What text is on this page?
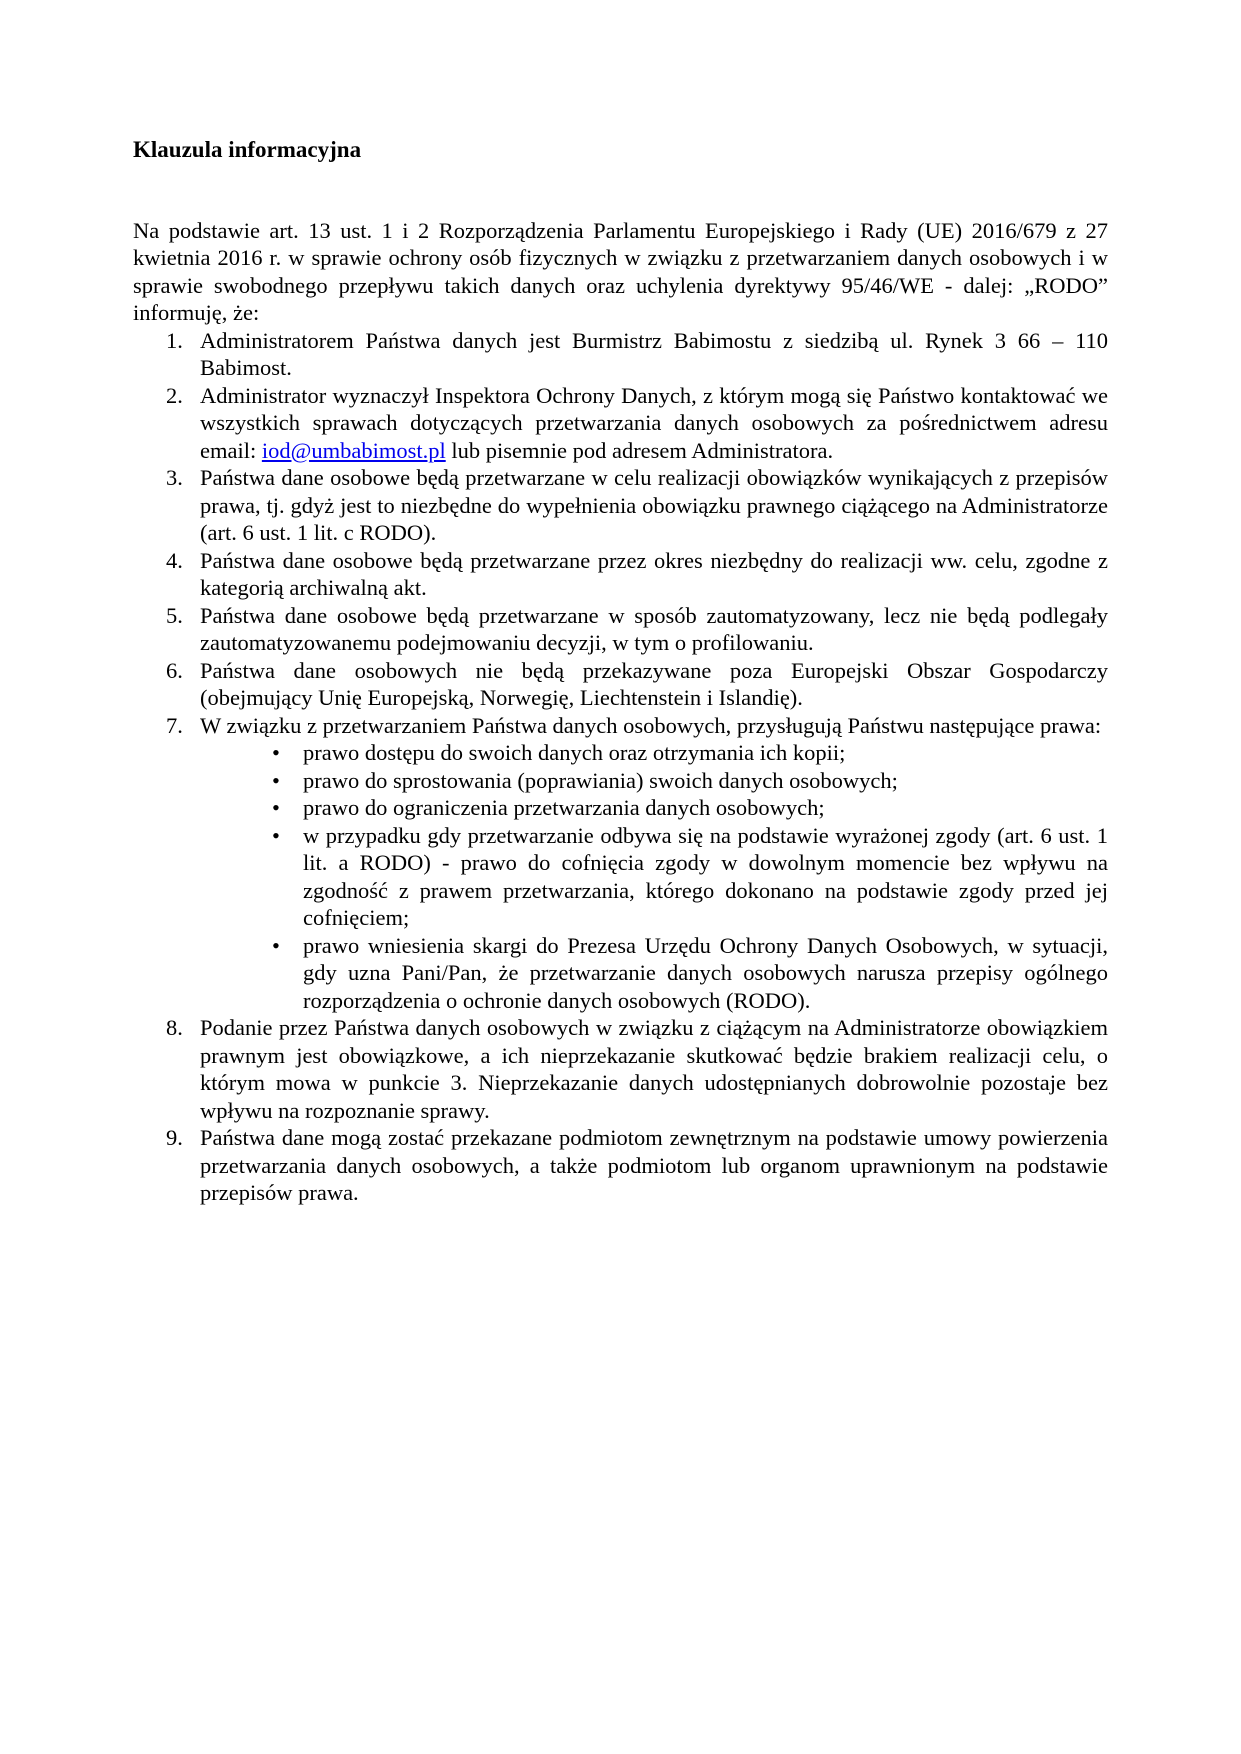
Klauzula informacyjna

Na podstawie art. 13 ust. 1 i 2 Rozporządzenia Parlamentu Europejskiego i Rady (UE) 2016/679 z 27 kwietnia 2016 r. w sprawie ochrony osób fizycznych w związku z przetwarzaniem danych osobowych i w sprawie swobodnego przepływu takich danych oraz uchylenia dyrektywy 95/46/WE - dalej: „RODO” informuję, że:

1. Administratorem Państwa danych jest Burmistrz Babimostu z siedzibą ul. Rynek 3 66 – 110 Babimost.
2. Administrator wyznaczył Inspektora Ochrony Danych, z którym mogą się Państwo kontaktować we wszystkich sprawach dotyczących przetwarzania danych osobowych za pośrednictwem adresu email: iod@umbabimost.pl lub pisemnie pod adresem Administratora.
3. Państwa dane osobowe będą przetwarzane w celu realizacji obowiązków wynikających z przepisów prawa, tj. gdyż jest to niezbędne do wypełnienia obowiązku prawnego ciążącego na Administratorze (art. 6 ust. 1 lit. c RODO).
4. Państwa dane osobowe będą przetwarzane przez okres niezbędny do realizacji ww. celu, zgodne z kategorią archiwalną akt.
5. Państwa dane osobowe będą przetwarzane w sposób zautomatyzowany, lecz nie będą podlegały zautomatyzowanemu podejmowaniu decyzji, w tym o profilowaniu.
6. Państwa dane osobowych nie będą przekazywane poza Europejski Obszar Gospodarczy (obejmujący Unię Europejską, Norwegię, Liechtenstein i Islandię).
7. W związku z przetwarzaniem Państwa danych osobowych, przysługują Państwu następujące prawa:
• prawo dostępu do swoich danych oraz otrzymania ich kopii;
• prawo do sprostowania (poprawiania) swoich danych osobowych;
• prawo do ograniczenia przetwarzania danych osobowych;
• w przypadku gdy przetwarzanie odbywa się na podstawie wyrażonej zgody (art. 6 ust. 1 lit. a RODO) - prawo do cofnięcia zgody w dowolnym momencie bez wpływu na zgodność z prawem przetwarzania, którego dokonano na podstawie zgody przed jej cofnięciem;
• prawo wniesienia skargi do Prezesa Urzędu Ochrony Danych Osobowych, w sytuacji, gdy uzna Pani/Pan, że przetwarzanie danych osobowych narusza przepisy ogólnego rozporządzenia o ochronie danych osobowych (RODO).
8. Podanie przez Państwa danych osobowych w związku z ciążącym na Administratorze obowiązkiem prawnym jest obowiązkowe, a ich nieprzekazanie skutkować będzie brakiem realizacji celu, o którym mowa w punkcie 3. Nieprzekazanie danych udostępnianych dobrowolnie pozostaje bez wpływu na rozpoznanie sprawy.
9. Państwa dane mogą zostać przekazane podmiotom zewnętrznym na podstawie umowy powierzenia przetwarzania danych osobowych, a także podmiotom lub organom uprawnionym na podstawie przepisów prawa.
